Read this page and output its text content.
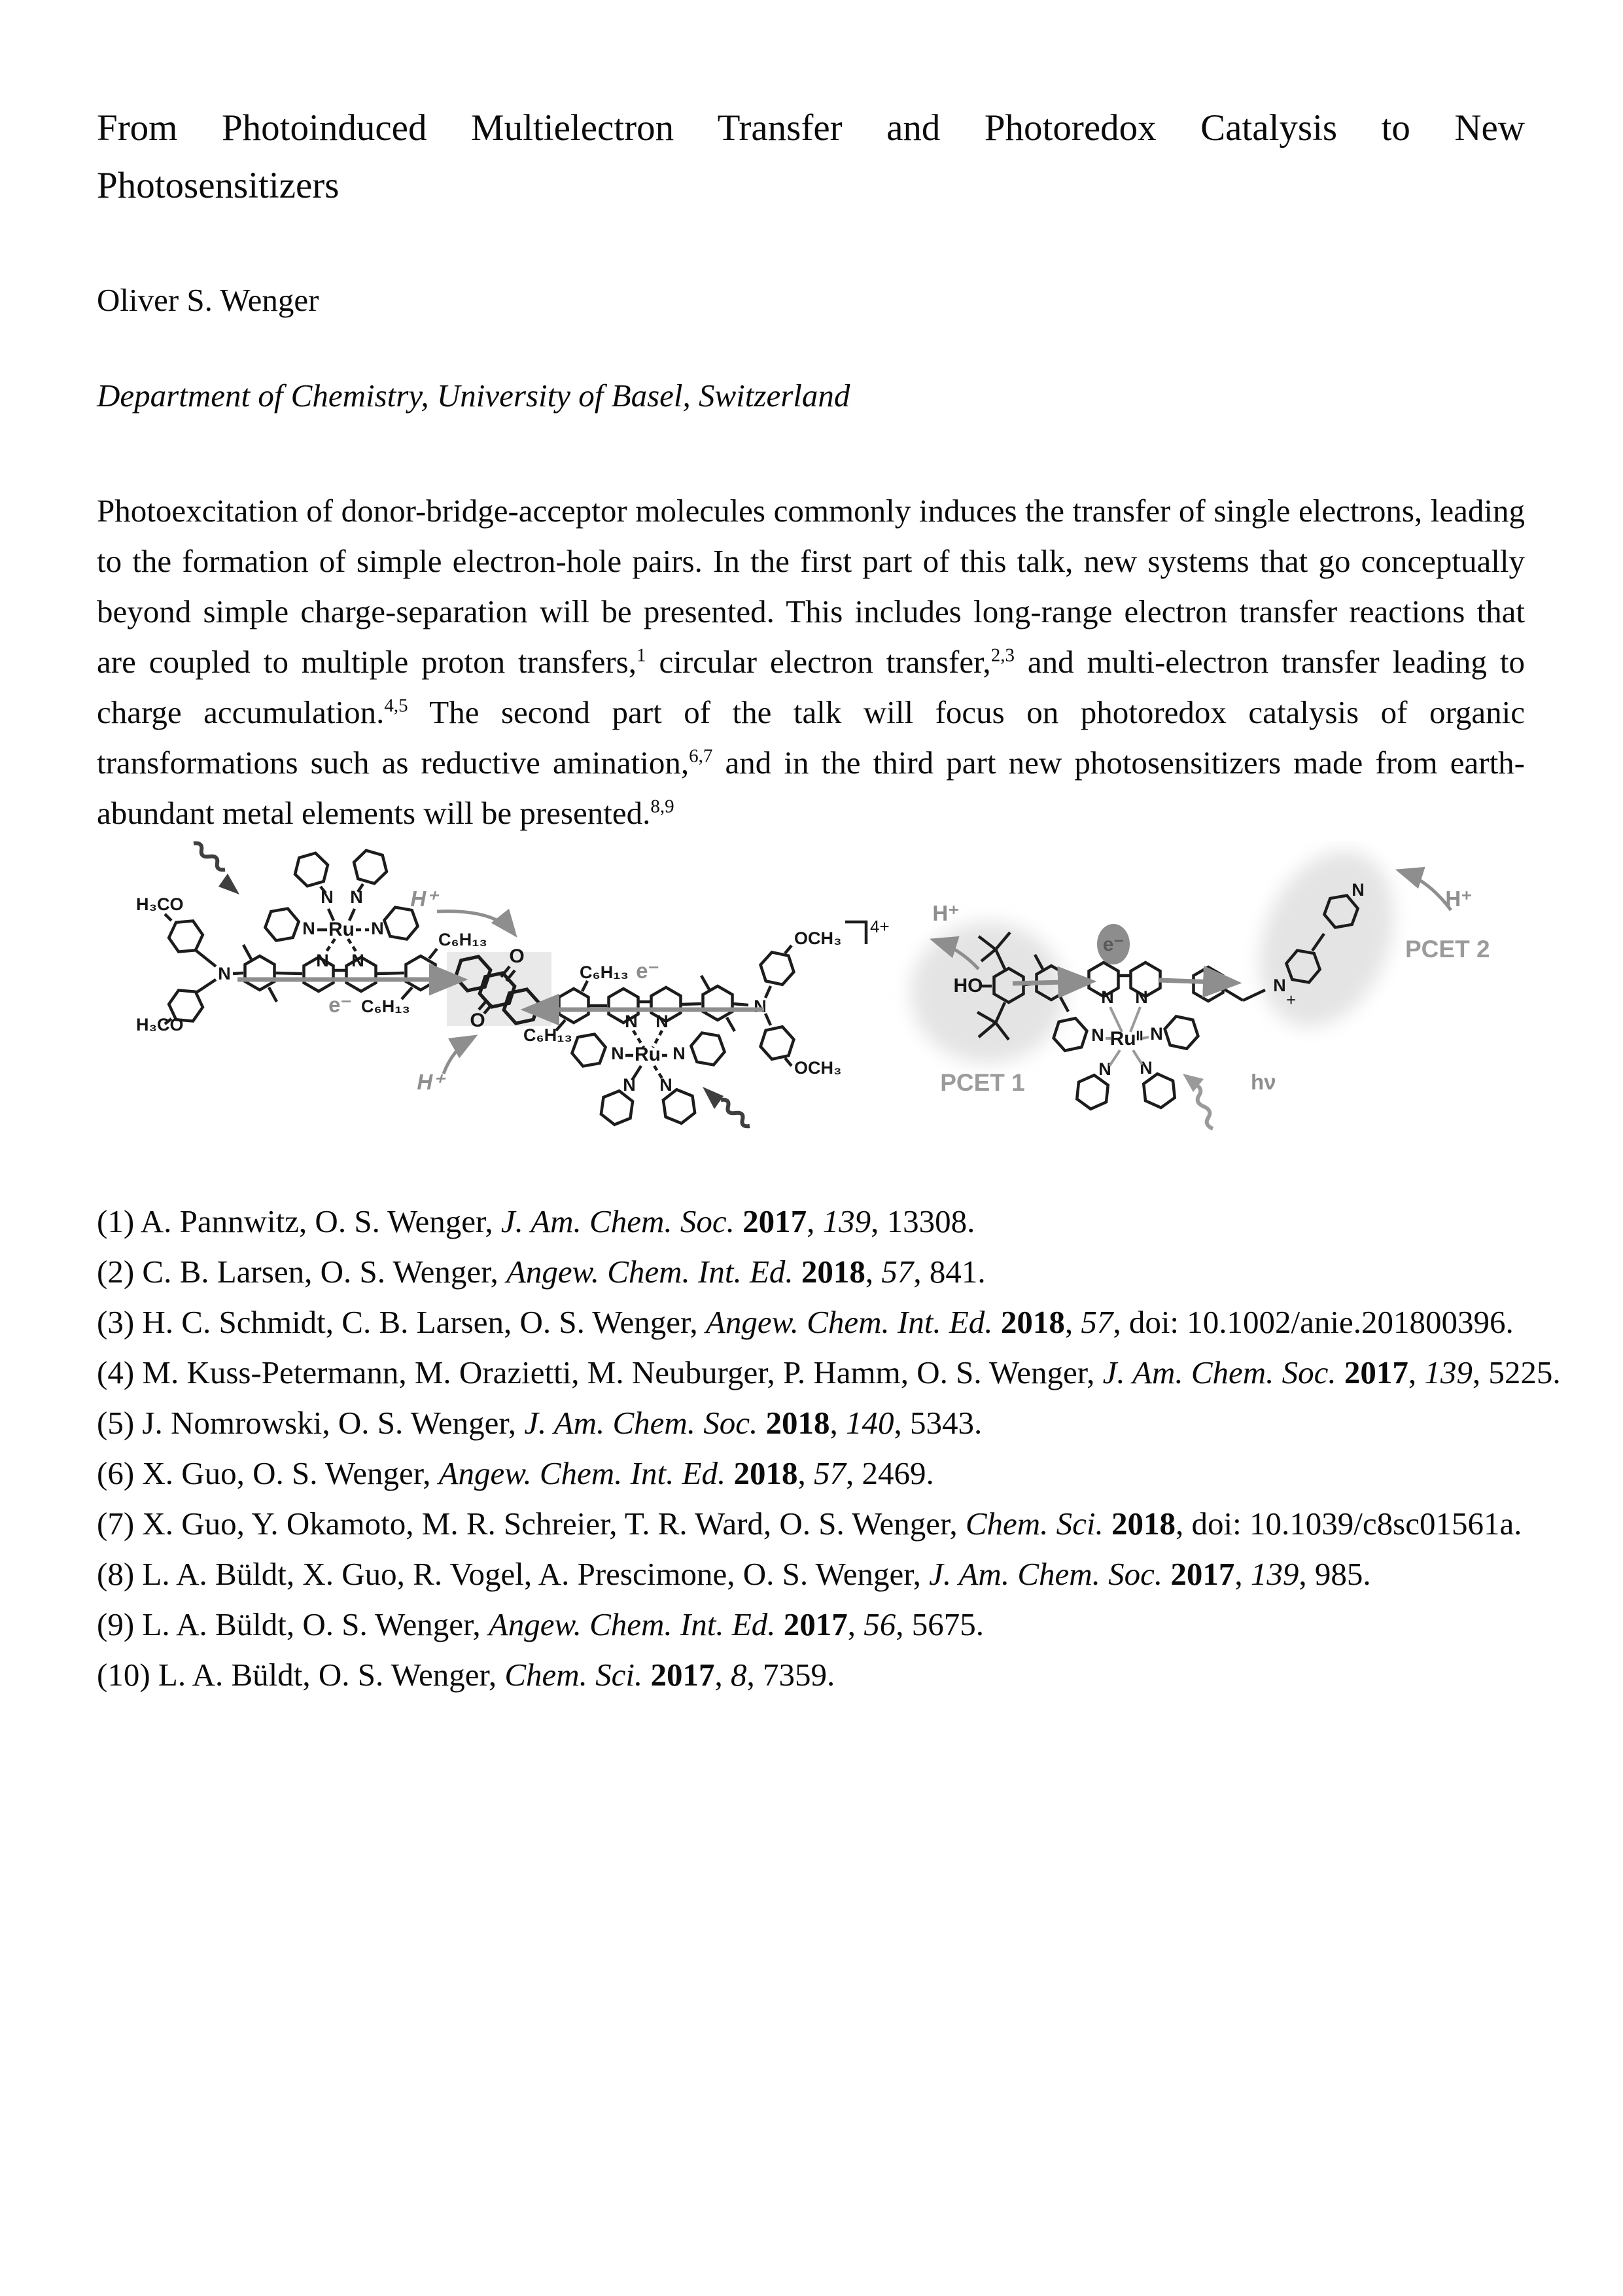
From Photoinduced Multielectron Transfer and Photoredox Catalysis to New
Photosensitizers
Oliver S. Wenger
Department of Chemistry, University of Basel, Switzerland

Photoexcitation of donor-bridge-acceptor molecules commonly induces the transfer of single electrons, leading to the formation of simple electron-hole pairs. In the first part of this talk, new systems that go conceptually beyond simple charge-separation will be presented. This includes long-range electron transfer reactions that are coupled to multiple proton transfers,$^1$ circular electron transfer,$^{2,3}$ and multi-electron transfer leading to charge accumulation.$^{4,5}$ The second part of the talk will focus on photoredox catalysis of organic transformations such as reductive amination,$^{6,7}$ and in the third part new photosensitizers made from earth-abundant metal elements will be presented.$^{8,9}$

N N
N	N
Ru
H₃CO
N
H₃CO
N N
C₆H₁₃
C₆H₁₃
O
O
C₆H₁₃
C₆H₁₃
N N
N
OCH₃
4+
OCH₃
Ru
N	N
N N
e⁻
e⁻
H⁺
H⁺
HO
N N
N
+
N
e⁻
Ruᴵᴵ
N	N
N N
H⁺
H⁺
PCET 1
PCET 2
hν
(1) A. Pannwitz, O. S. Wenger, J. Am. Chem. Soc. 2017, 139, 13308.
(2) C. B. Larsen, O. S. Wenger, Angew. Chem. Int. Ed. 2018, 57, 841.
(3) H. C. Schmidt, C. B. Larsen, O. S. Wenger, Angew. Chem. Int. Ed. 2018, 57, doi: 10.1002/anie.201800396.
(4) M. Kuss-Petermann, M. Orazietti, M. Neuburger, P. Hamm, O. S. Wenger, J. Am. Chem. Soc. 2017, 139, 5225.
(5) J. Nomrowski, O. S. Wenger, J. Am. Chem. Soc. 2018, 140, 5343.
(6) X. Guo, O. S. Wenger, Angew. Chem. Int. Ed. 2018, 57, 2469.
(7) X. Guo, Y. Okamoto, M. R. Schreier, T. R. Ward, O. S. Wenger, Chem. Sci. 2018, doi: 10.1039/c8sc01561a.
(8) L. A. Büldt, X. Guo, R. Vogel, A. Prescimone, O. S. Wenger, J. Am. Chem. Soc. 2017, 139, 985.
(9) L. A. Büldt, O. S. Wenger, Angew. Chem. Int. Ed. 2017, 56, 5675.
(10) L. A. Büldt, O. S. Wenger, Chem. Sci. 2017, 8, 7359.
